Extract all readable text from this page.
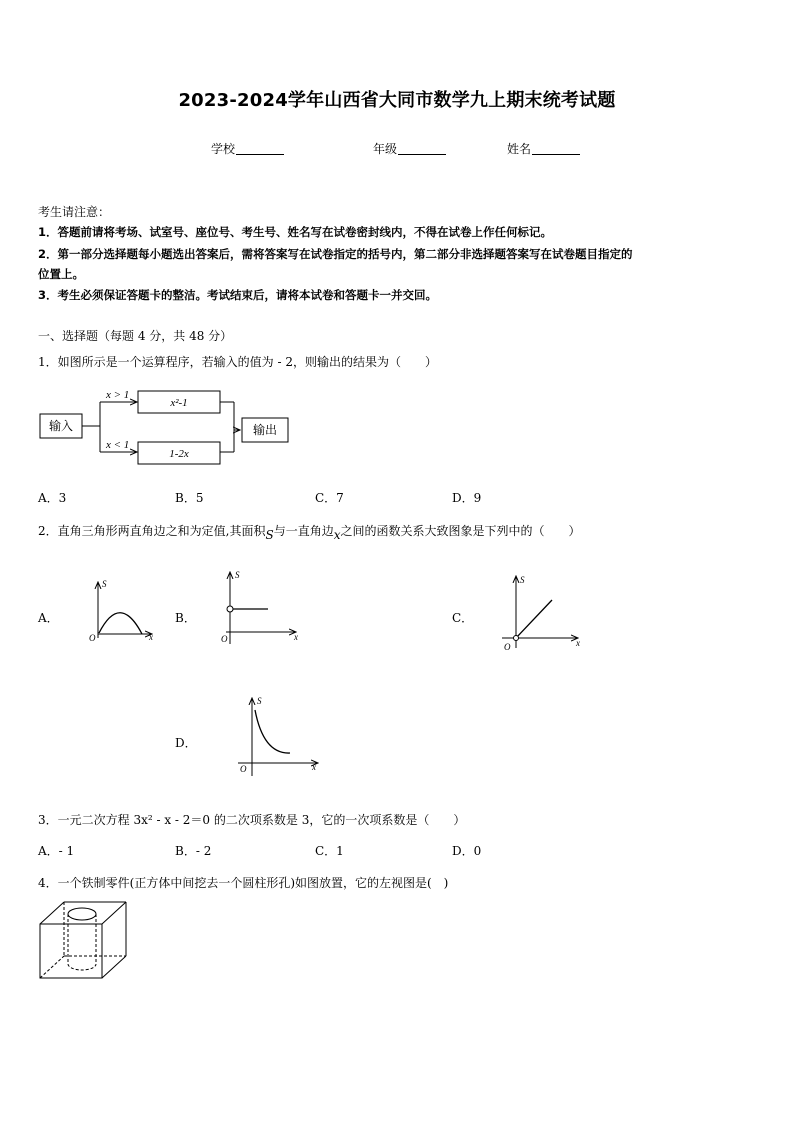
2023-2024学年山西省大同市数学九上期末统考试题
学校	年级	姓名
考生请注意：
1．答题前请将考场、试室号、座位号、考生号、姓名写在试卷密封线内，不得在试卷上作任何标记。
2．第一部分选择题每小题选出答案后，需将答案写在试卷指定的括号内，第二部分非选择题答案写在试卷题目指定的
位置上。
3．考生必须保证答题卡的整洁。考试结束后，请将本试卷和答题卡一并交回。
一、选择题（每题 4 分，共 48 分）
1．如图所示是一个运算程序，若输入的值为 - 2，则输出的结果为（　　）
输入
x > 1
x < 1
x²-1
1-2x
输出
A．3	B．5	C．7	D．9
2．直角三角形两直角边之和为定值,其面积S与一直角边x之间的函数关系大致图象是下列中的（　　）
A．	B．	C．
D．
S
x
O
S
x
O
S
x
O
S
x
O
3．一元二次方程 3x² - x - 2＝0 的二次项系数是 3，它的一次项系数是（　　）
A．- 1	B．- 2	C．1	D．0
4．一个铁制零件(正方体中间挖去一个圆柱形孔)如图放置，它的左视图是(　)
